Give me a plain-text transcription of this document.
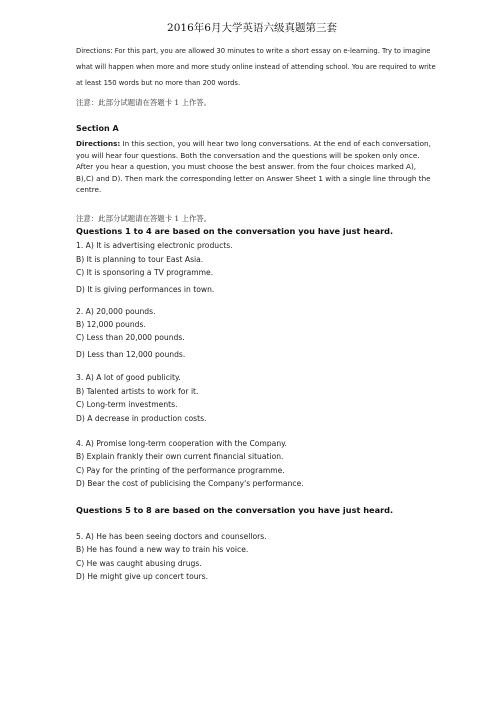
2016年6月大学英语六级真题第三套
Directions: For this part, you are allowed 30 minutes to write a short essay on e-learning. Try to imagine what will happen when more and more study online instead of attending school. You are required to write at least 150 words but no more than 200 words.
注意：此部分试题请在答题卡 1 上作答。
Section A
Directions: In this section, you will hear two long conversations. At the end of each conversation, you will hear four questions. Both the conversation and the questions will be spoken only once. After you hear a question, you must choose the best answer. from the four choices marked A), B),C) and D). Then mark the corresponding letter on Answer Sheet 1 with a single line through the centre.
注意：此部分试题请在答题卡 1 上作答。
Questions 1 to 4 are based on the conversation you have just heard.
1. A) It is advertising electronic products.
B) It is planning to tour East Asia.
C) It is sponsoring a TV programme.
D) It is giving performances in town.
2. A) 20,000 pounds.
B) 12,000 pounds.
C) Less than 20,000 pounds.
D) Less than 12,000 pounds.
3. A) A lot of good publicity.
B) Talented artists to work for it.
C) Long-term investments.
D) A decrease in production costs.
4. A) Promise long-term cooperation with the Company.
B) Explain frankly their own current financial situation.
C) Pay for the printing of the performance programme.
D) Bear the cost of publicising the Company's performance.
Questions 5 to 8 are based on the conversation you have just heard.
5. A) He has been seeing doctors and counsellors.
B) He has found a new way to train his voice.
C) He was caught abusing drugs.
D) He might give up concert tours.
